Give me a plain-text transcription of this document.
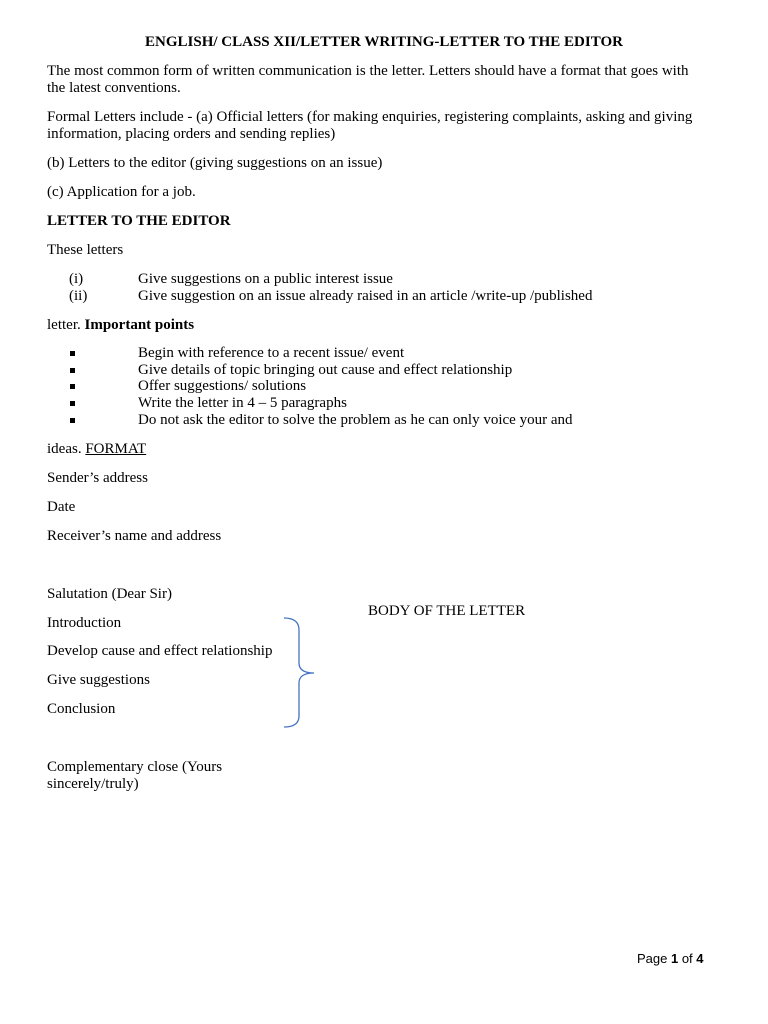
ENGLISH/ CLASS XII/LETTER WRITING-LETTER TO THE EDITOR
The most common form of written communication is the letter. Letters should have a format that goes with
the latest conventions.
Formal Letters include - (a) Official letters (for making enquiries, registering complaints, asking and giving
information, placing orders and sending replies)
(b) Letters to the editor (giving suggestions on an issue)
(c) Application for a job.
LETTER TO THE EDITOR
These letters
(i)	Give suggestions on a public interest issue
(ii)	Give suggestion on an issue already raised in an article /write-up /published
letter. Important points
Begin with reference to a recent issue/ event
Give details of topic bringing out cause and effect relationship
Offer suggestions/ solutions
Write the letter in 4 – 5 paragraphs
Do not ask the editor to solve the problem as he can only voice your and
ideas. FORMAT
Sender’s address
Date
Receiver’s name and address
Salutation (Dear Sir)
BODY OF THE LETTER
Introduction
Develop cause and effect relationship
Give suggestions
Conclusion
Complementary close (Yours
sincerely/truly)
Page 1 of 4
